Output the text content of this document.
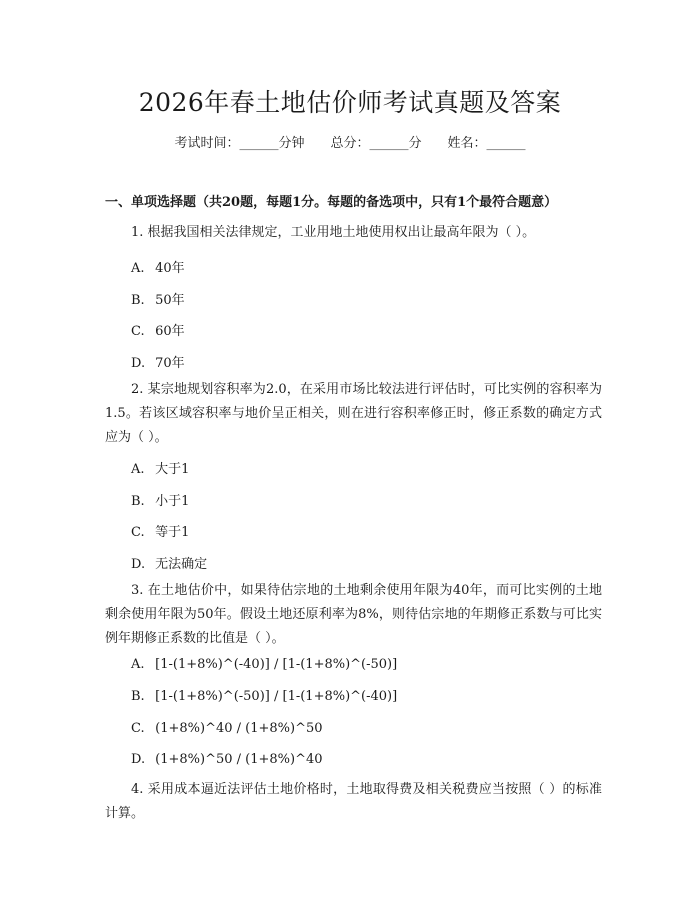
2026年春土地估价师考试真题及答案
考试时间：______分钟 总分：______分 姓名：______
一、单项选择题（共20题，每题1分。每题的备选项中，只有1个最符合题意）

1. 根据我国相关法律规定，工业用地土地使用权出让最高年限为（ ）。

A. 40年
B. 50年
C. 60年
D. 70年

2. 某宗地规划容积率为2.0，在采用市场比较法进行评估时，可比实例的容积率为1.5。若该区域容积率与地价呈正相关，则在进行容积率修正时，修正系数的确定方式应为（ ）。

A. 大于1
B. 小于1
C. 等于1
D. 无法确定

3. 在土地估价中，如果待估宗地的土地剩余使用年限为40年，而可比实例的土地剩余使用年限为50年。假设土地还原利率为8%，则待估宗地的年期修正系数与可比实例年期修正系数的比值是（ ）。

A. [1-(1+8%)^(-40)] / [1-(1+8%)^(-50)]
B. [1-(1+8%)^(-50)] / [1-(1+8%)^(-40)]
C. (1+8%)^40 / (1+8%)^50
D. (1+8%)^50 / (1+8%)^40

4. 采用成本逼近法评估土地价格时，土地取得费及相关税费应当按照（ ）的标准计算。
